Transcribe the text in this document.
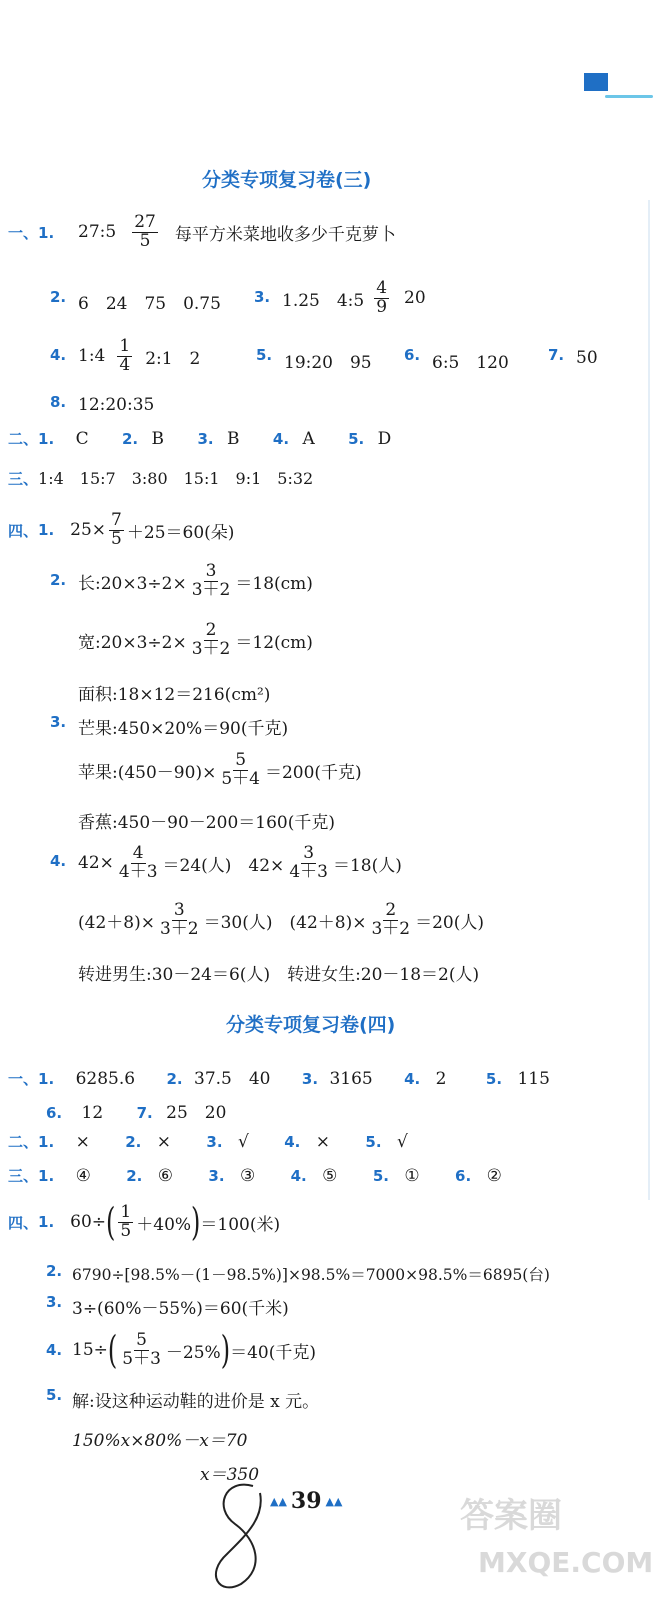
分类专项复习卷(三)
一、1. 27:5 $\frac{27}{5}$ 每平方米菜地收多少千克萝卜
2. 6　24　75　0.75 3. 1.25　4:5 $\frac{4}{9} 20$
4. 1:4 $\frac{1}{4}$ 2:1　2	5. 19:20　95 6. 6:5　120	7. 50
8. 12:20:35
二、1. C 2. B 3. B 4. A 5. D
三、1:4　15:7　3:80　15:1　9:1　5:32
四、 1. $25\times \frac{7}{5} +25=60$(朵)
2. 长:20×3÷2× $\frac{3}{3+2} =18(cm)$
宽:20×3÷2× $\frac{2}{3+2} =12(cm)$
面积:18×12＝216(cm²)
3. 芒果:450×20%＝90(千克)
苹果:(450－90)× $\frac{5}{5+4} =200$(千克)
香蕉:450－90－200＝160(千克)
4. $42\times \frac{4}{4+3} =24$(人)　$42\times \frac{3}{4+3} =18$(人)
$(42+8)\times \frac{3}{3+2} =30$(人)　$(42+8)\times \frac{2}{3+2} =20$(人)
转进男生:30－24＝6(人)　转进女生:20－18＝2(人)
分类专项复习卷(四)
一、1. 6285.6 2. 37.5　40 3. 3165 4. 2	5. 115
6. 12 7. 25　20
二、1. × 2. × 3. √ 4. × 5. √
三、1. ④ 2. ⑥ 3. ③ 4. ⑤ 5. ① 6. ②
四、 1. 60÷ ( $\frac{1}{5} +40\%$ ) ＝100(米)
2. 6790÷[98.5%－(1－98.5%)]×98.5%＝7000×98.5%＝6895(台)
3. 3÷(60%－55%)＝60(千米)
4. 15÷ ( $\frac{5}{5+3} -25\%$ ) ＝40(千克)
5. 解:设这种运动鞋的进价是 x 元。
150%x×80%－x＝70
x＝350
▲▲ 39 ▲▲	答案圈
MXQE.COM
